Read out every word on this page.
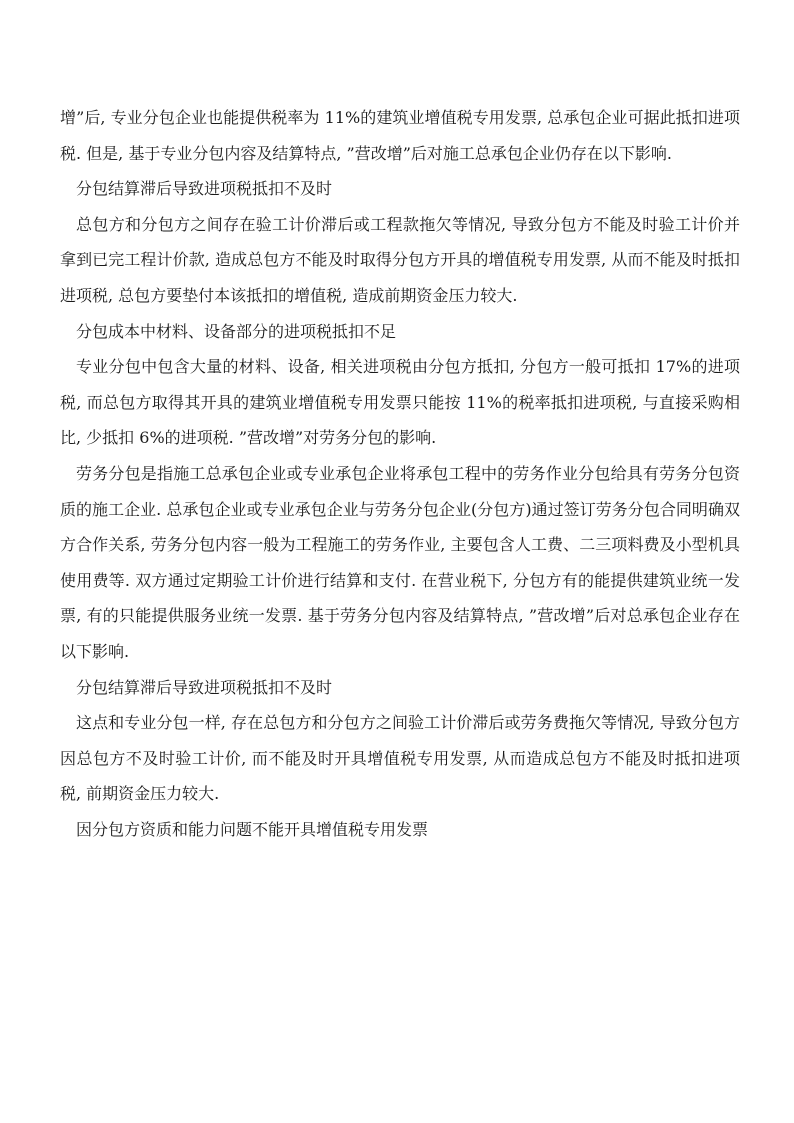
增”后, 专业分包企业也能提供税率为 11%的建筑业增值税专用发票, 总承包企业可据此抵扣进项税. 但是, 基于专业分包内容及结算特点, ”营改增”后对施工总承包企业仍存在以下影响.

分包结算滞后导致进项税抵扣不及时

总包方和分包方之间存在验工计价滞后或工程款拖欠等情况, 导致分包方不能及时验工计价并拿到已完工程计价款, 造成总包方不能及时取得分包方开具的增值税专用发票, 从而不能及时抵扣进项税, 总包方要垫付本该抵扣的增值税, 造成前期资金压力较大.

分包成本中材料、设备部分的进项税抵扣不足

专业分包中包含大量的材料、设备, 相关进项税由分包方抵扣, 分包方一般可抵扣 17%的进项税, 而总包方取得其开具的建筑业增值税专用发票只能按 11%的税率抵扣进项税, 与直接采购相比, 少抵扣 6%的进项税. ”营改增”对劳务分包的影响.

劳务分包是指施工总承包企业或专业承包企业将承包工程中的劳务作业分包给具有劳务分包资质的施工企业. 总承包企业或专业承包企业与劳务分包企业(分包方)通过签订劳务分包合同明确双方合作关系, 劳务分包内容一般为工程施工的劳务作业, 主要包含人工费、二三项料费及小型机具使用费等. 双方通过定期验工计价进行结算和支付. 在营业税下, 分包方有的能提供建筑业统一发票, 有的只能提供服务业统一发票. 基于劳务分包内容及结算特点, ”营改增”后对总承包企业存在以下影响.

分包结算滞后导致进项税抵扣不及时

这点和专业分包一样, 存在总包方和分包方之间验工计价滞后或劳务费拖欠等情况, 导致分包方因总包方不及时验工计价, 而不能及时开具增值税专用发票, 从而造成总包方不能及时抵扣进项税, 前期资金压力较大.

因分包方资质和能力问题不能开具增值税专用发票
